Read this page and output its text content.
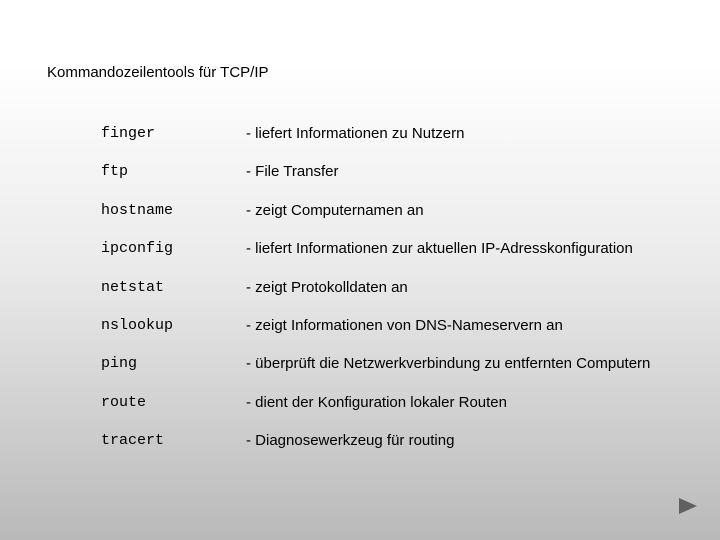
Kommandozeilentools für TCP/IP
finger	- liefert Informationen zu Nutzern
ftp	- File Transfer
hostname	- zeigt Computernamen an
ipconfig	- liefert Informationen zur aktuellen IP-Adresskonfiguration
netstat	- zeigt Protokolldaten an
nslookup	- zeigt Informationen von DNS-Nameservern an
ping	- überprüft die Netzwerkverbindung zu entfernten Computern
route	- dient der Konfiguration lokaler Routen
tracert	- Diagnosewerkzeug für routing
